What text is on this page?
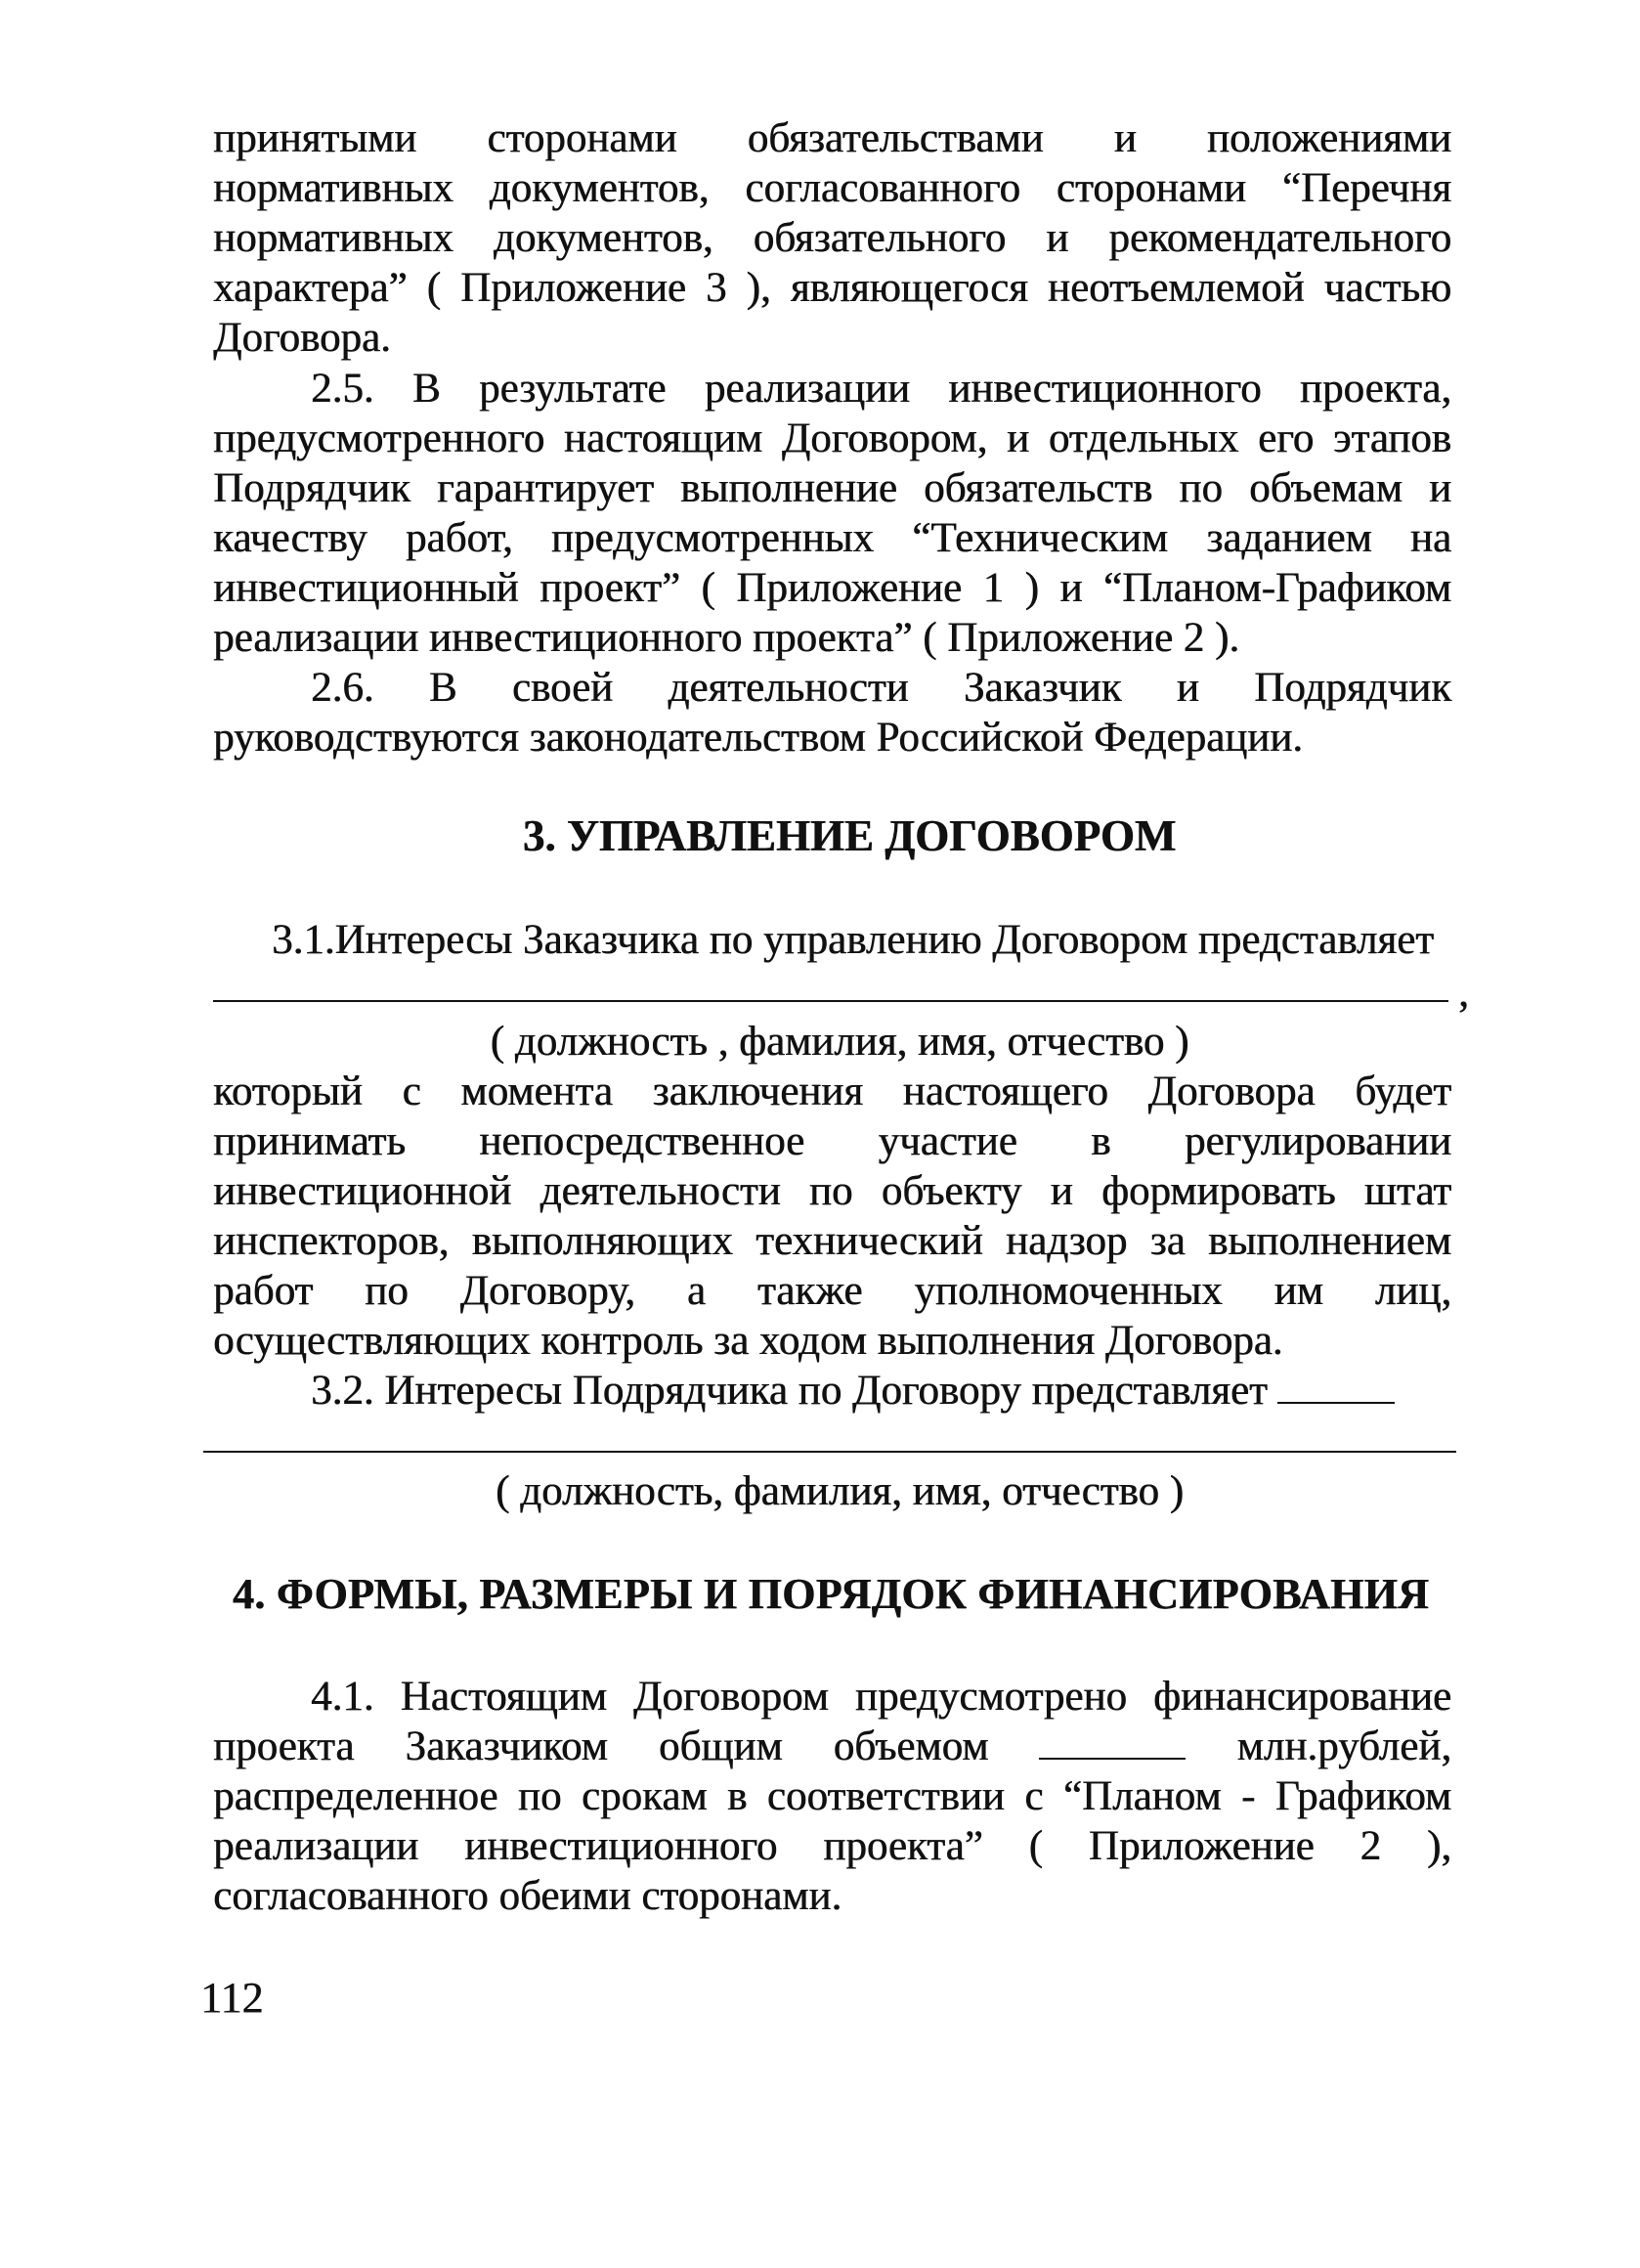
принятыми сторонами обязательствами и положениями
нормативных документов, согласованного сторонами “Перечня
нормативных документов, обязательного и рекомендательного
характера” ( Приложение 3 ), являющегося неотъемлемой частью
Договора.
2.5. В результате реализации инвестиционного проекта,
предусмотренного настоящим Договором, и отдельных его этапов
Подрядчик гарантирует выполнение обязательств по объемам и
качеству работ, предусмотренных “Техническим заданием на
инвестиционный проект” ( Приложение 1 ) и “Планом-Графиком
реализации инвестиционного проекта” ( Приложение 2 ).
2.6. В своей деятельности Заказчик и Подрядчик
руководствуются законодательством Российской Федерации.
3. УПРАВЛЕНИЕ ДОГОВОРОМ
3.1.Интересы Заказчика по управлению Договором представляет
,
( должность , фамилия, имя, отчество )
который с момента заключения настоящего Договора будет
принимать непосредственное участие в регулировании
инвестиционной деятельности по объекту и формировать штат
инспекторов, выполняющих технический надзор за выполнением
работ по Договору, а также уполномоченных им лиц,
осуществляющих контроль за ходом выполнения Договора.
3.2. Интересы Подрядчика по Договору представляет
( должность, фамилия, имя, отчество )
4. ФОРМЫ, РАЗМЕРЫ И ПОРЯДОК ФИНАНСИРОВАНИЯ
4.1. Настоящим Договором предусмотрено финансирование
проекта Заказчиком общим объемом	млн.рублей,
распределенное по срокам в соответствии с “Планом - Графиком
реализации инвестиционного проекта” ( Приложение 2 ),
согласованного обеими сторонами.
112
